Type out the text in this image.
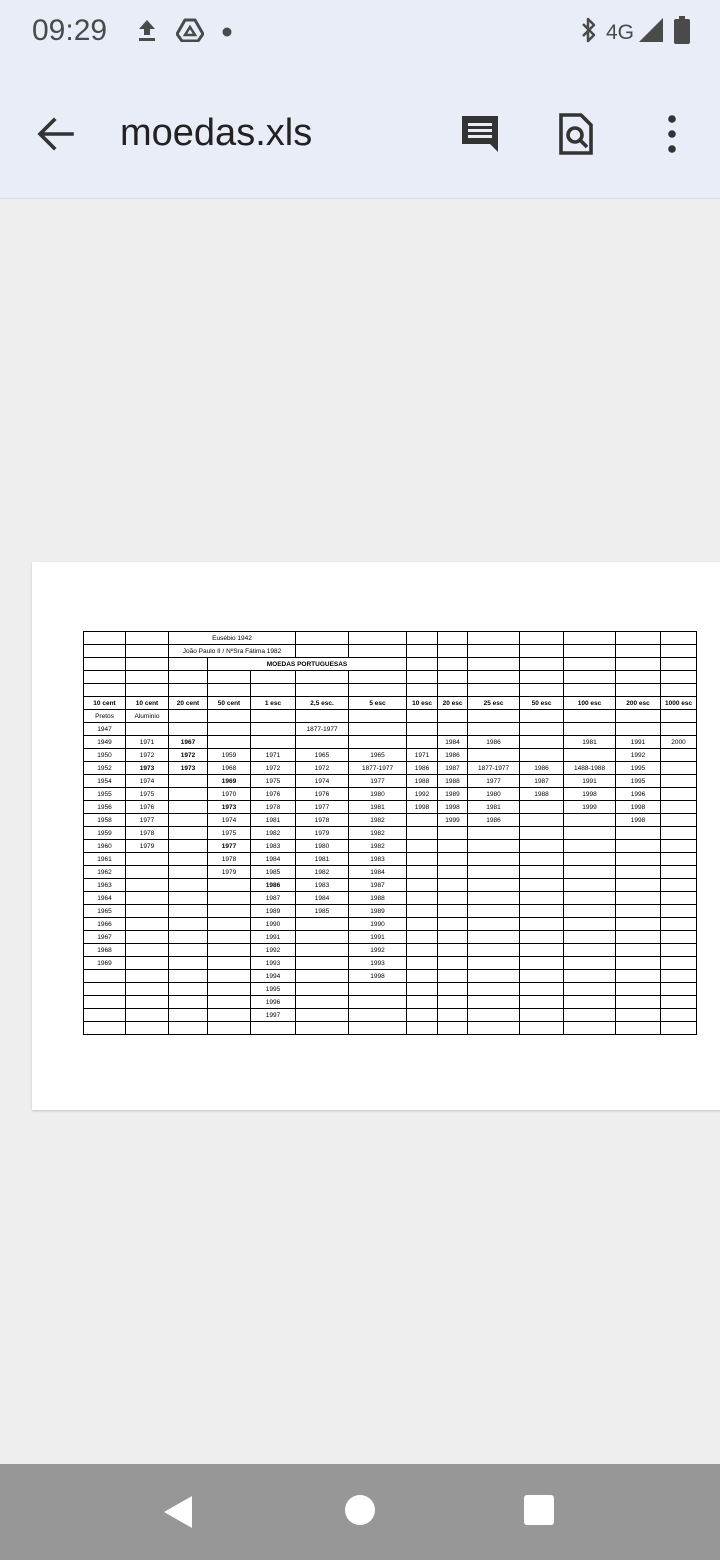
09:29	4G
moedas.xls
		Eusébio 1942											
		João Paulo II / NºSra Fátima 1982											
			MOEDAS PORTUGUESAS										

10 cent	10 cent	20 cent	50 cent	1 esc	2,5 esc.	5 esc	10 esc	20 esc	25 esc	50 esc	100 esc	200 esc	1000 esc
Pretos	Aluminio												
1947					1877-1977								
1949	1971	1967						1984	1986		1981	1991	2000
1950	1972	1972	1959	1971	1965	1965	1971	1986				1992	
1952	1973	1973	1968	1972	1972	1877-1977	1986	1987	1877-1977	1986	1488-1988	1995	
1954	1974		1969	1975	1974	1977	1988	1988	1977	1987	1991	1995	
1955	1975		1970	1976	1976	1980	1992	1989	1980	1988	1998	1996	
1956	1976		1973	1978	1977	1981	1998	1998	1981		1999	1998	
1958	1977		1974	1981	1978	1982		1999	1986			1998	
1959	1978		1975	1982	1979	1982							
1960	1979		1977	1983	1980	1982							
1961			1978	1984	1981	1983							
1962			1979	1985	1982	1984							
1963				1986	1983	1987							
1964				1987	1984	1988							
1965				1989	1985	1989							
1966				1990		1990							
1967				1991		1991							
1968				1992		1992							
1969				1993		1993							
				1994		1998							
				1995									
				1996									
				1997									
